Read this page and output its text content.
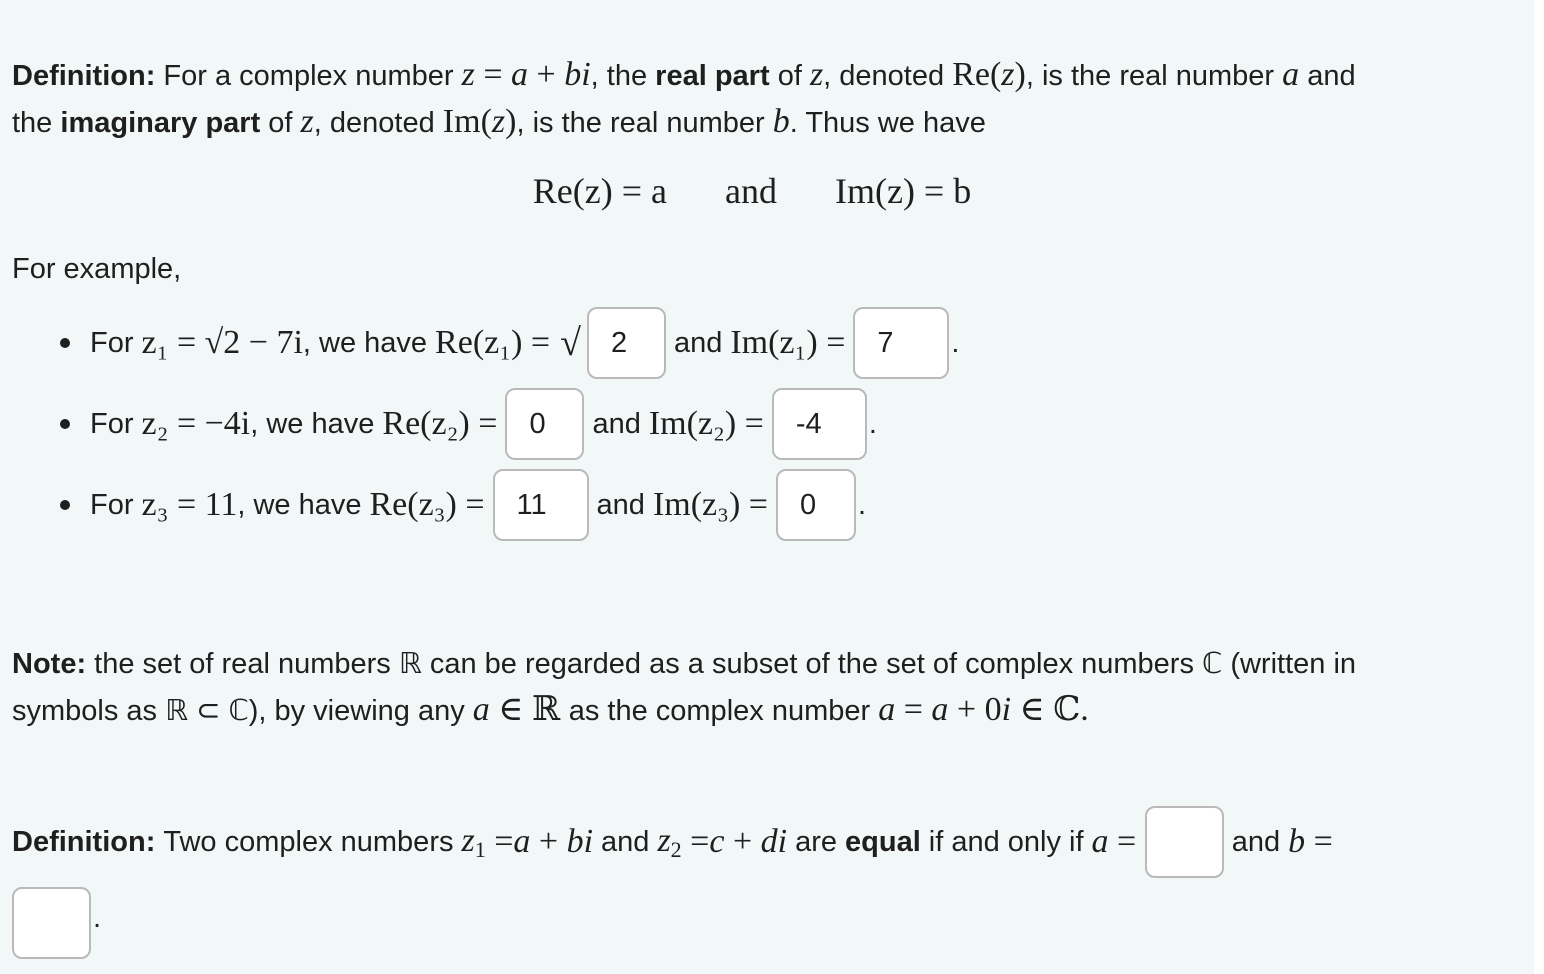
Definition: For a complex number z = a + bi, the real part of z, denoted Re(z), is the real number a and
the imaginary part of z, denoted Im(z), is the real number b. Thus we have
Re(z) = a and Im(z) = b
For example,
For z₁ = √2 − 7i , we have Re(z₁) = √	2	and Im(z₁) =	7	.
For z₂ = −4i , we have Re(z₂) =	0	and Im(z₂) =	-4	.
For z₃ = 11 , we have Re(z₃) =	11	and Im(z₃) =	0	.
Note: the set of real numbers ℝ can be regarded as a subset of the set of complex numbers ℂ (written in
symbols as ℝ ⊂ ℂ), by viewing any a ∈ ℝ as the complex number a = a + 0i ∈ ℂ.
Definition: Two complex numbers $z_1 = a$ + bi and $z_2 = c$ + di are equal if and only if a =	and b =
.
